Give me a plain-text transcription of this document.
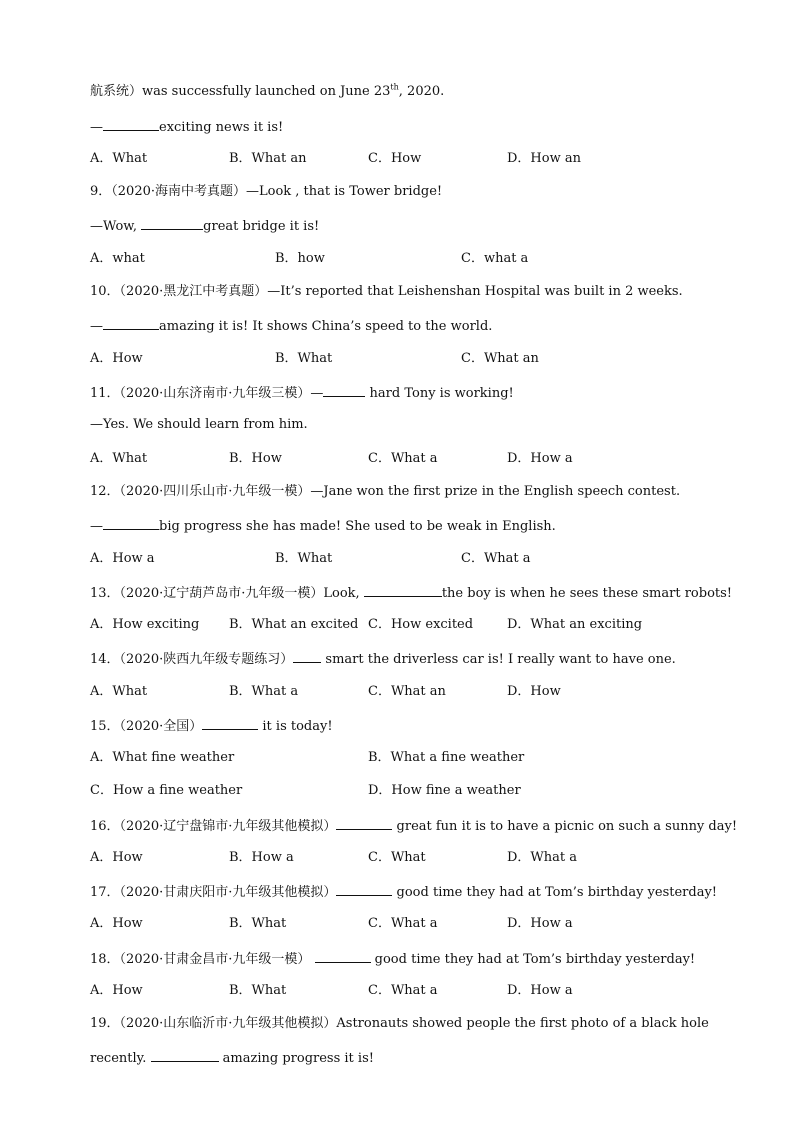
航系统）was successfully launched on June 23th, 2020.
—	exciting news it is!
A．What	B．What an	C．How	D．How an
9．（2020·海南中考真题）—Look , that is Tower bridge!
—Wow,	great bridge it is!
A．what	B．how	C．what a
10．（2020·黑龙江中考真题）—It’s reported that Leishenshan Hospital was built in 2 weeks.
—	amazing it is! It shows China’s speed to the world.
A．How	B．What	C．What an
11．（2020·山东济南市·九年级三模）—	hard Tony is working!
—Yes. We should learn from him.
A．What	B．How	C．What a	D．How a
12．（2020·四川乐山市·九年级一模）—Jane won the first prize in the English speech contest.
—	big progress she has made! She used to be weak in English.
A．How a	B．What	C．What a
13．（2020·辽宁葫芦岛市·九年级一模）Look,	the boy is when he sees these smart robots!
A．How exciting B．What an excited C．How excited	D．What an exciting
14．（2020·陕西九年级专题练习） smart the driverless car is! I really want to have one.
A．What	B．What a	C．What an	D．How
15．（2020·全国）	it is today!
A．What fine weather	B．What a fine weather
C．How a fine weather	D．How fine a weather
16．（2020·辽宁盘锦市·九年级其他模拟）	great fun it is to have a picnic on such a sunny day!
A．How	B．How a	C．What	D．What a
17．（2020·甘肃庆阳市·九年级其他模拟）	good time they had at Tom’s birthday yesterday!
A．How	B．What	C．What a	D．How a
18．（2020·甘肃金昌市·九年级一模）	good time they had at Tom’s birthday yesterday!
A．How	B．What	C．What a	D．How a
19．（2020·山东临沂市·九年级其他模拟）Astronauts showed people the first photo of a black hole
recently.	amazing progress it is!
